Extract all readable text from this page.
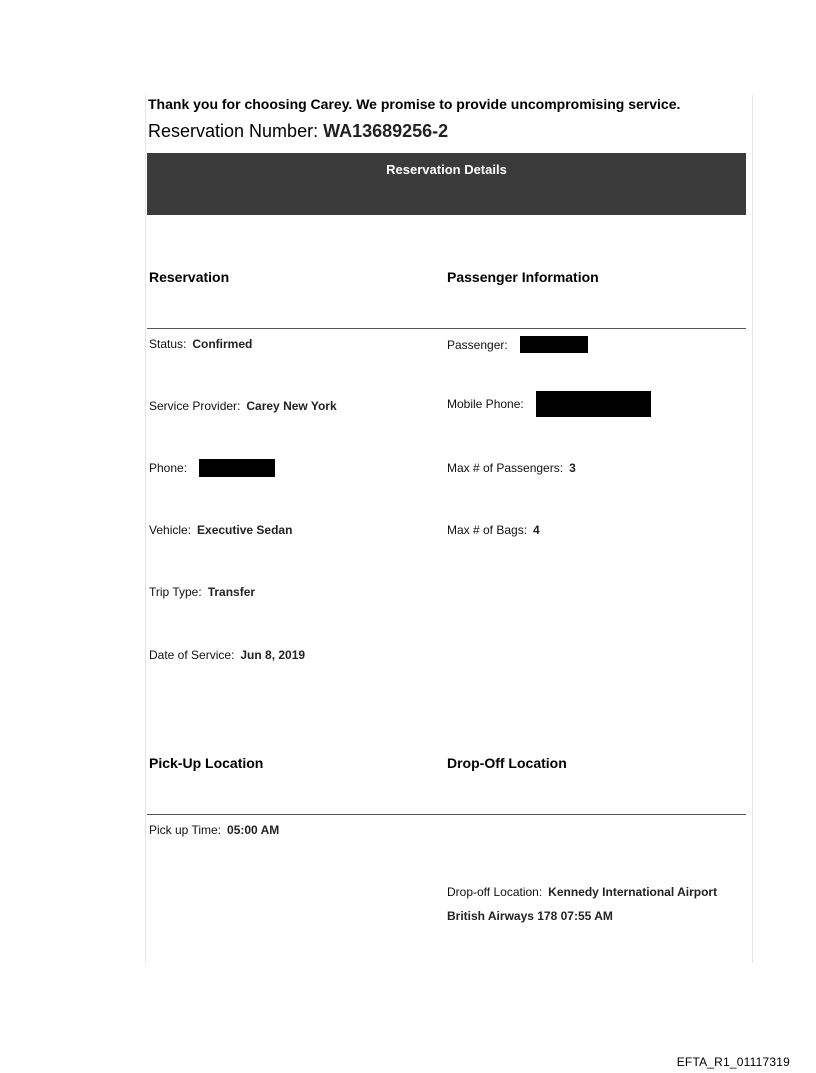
Thank you for choosing Carey. We promise to provide uncompromising service.
Reservation Number: WA13689256-2
Reservation Details
Reservation	Passenger Information
Status: Confirmed
Service Provider: Carey New York
Phone:
Vehicle: Executive Sedan
Trip Type: Transfer
Date of Service: Jun 8, 2019
Passenger:
Mobile Phone:
Max # of Passengers: 3
Max # of Bags: 4
Pick-Up Location	Drop-Off Location
Pick up Time: 05:00 AM
Drop-off Location: Kennedy International Airport
British Airways 178 07:55 AM
EFTA_R1_01117319
